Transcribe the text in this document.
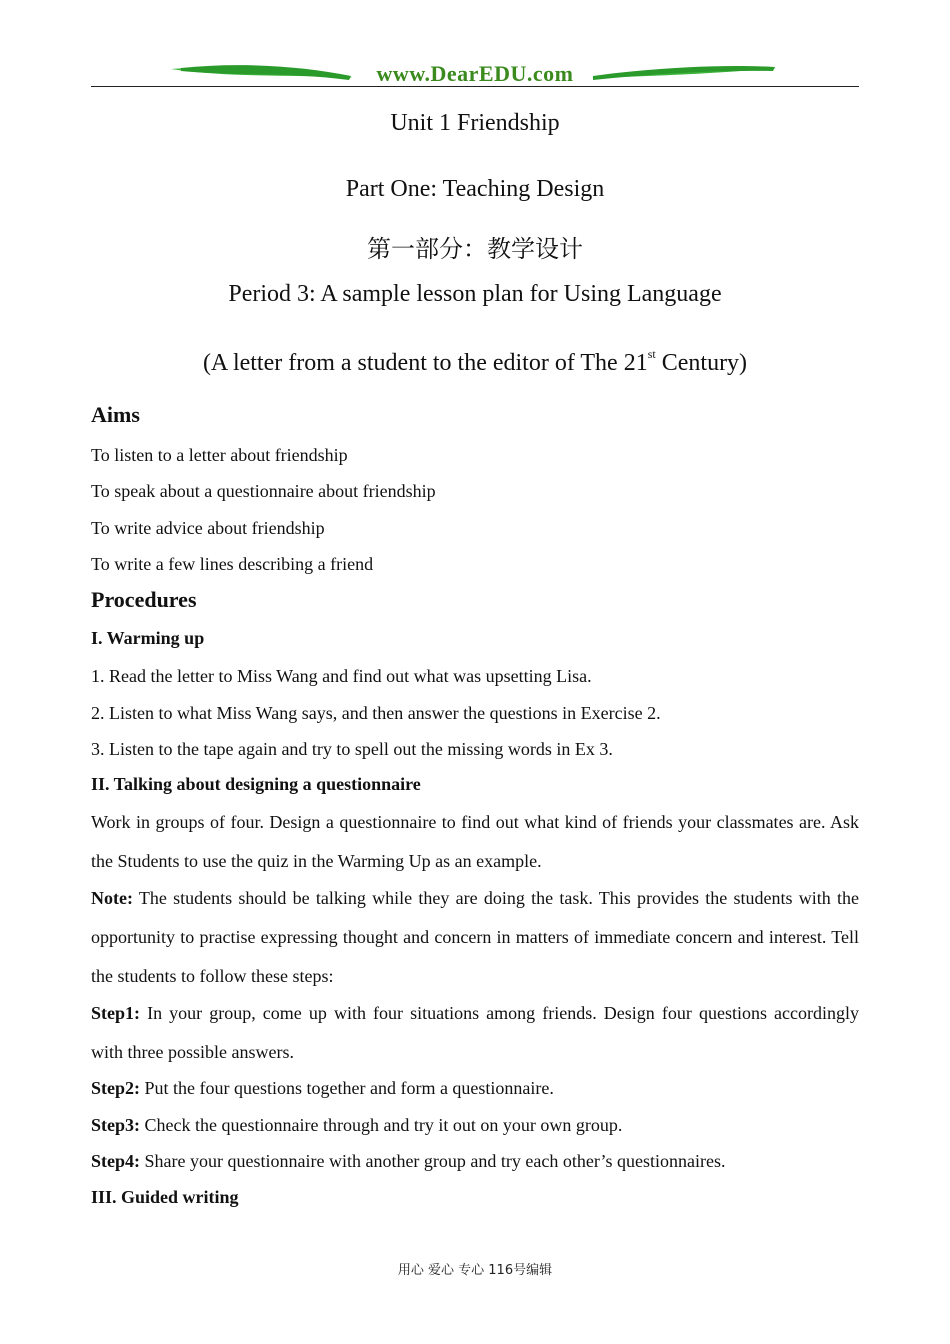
www.DearEDU.com
Unit 1 Friendship
Part One: Teaching Design
第一部分：教学设计
Period 3: A sample lesson plan for Using Language
(A letter from a student to the editor of The 21st Century)
Aims
To listen to a letter about friendship
To speak about a questionnaire about friendship
To write advice about friendship
To write a few lines describing a friend
Procedures
I. Warming up
1. Read the letter to Miss Wang and find out what was upsetting Lisa.
2. Listen to what Miss Wang says, and then answer the questions in Exercise 2.
3. Listen to the tape again and try to spell out the missing words in Ex 3.
II. Talking about designing a questionnaire
Work in groups of four. Design a questionnaire to find out what kind of friends your classmates are. Ask the Students to use the quiz in the Warming Up as an example.
Note: The students should be talking while they are doing the task. This provides the students with the opportunity to practise expressing thought and concern in matters of immediate concern and interest. Tell the students to follow these steps:
Step1: In your group, come up with four situations among friends. Design four questions accordingly with three possible answers.
Step2: Put the four questions together and form a questionnaire.
Step3: Check the questionnaire through and try it out on your own group.
Step4: Share your questionnaire with another group and try each other’s questionnaires.
III. Guided writing
用心 爱心 专心 116号编辑
